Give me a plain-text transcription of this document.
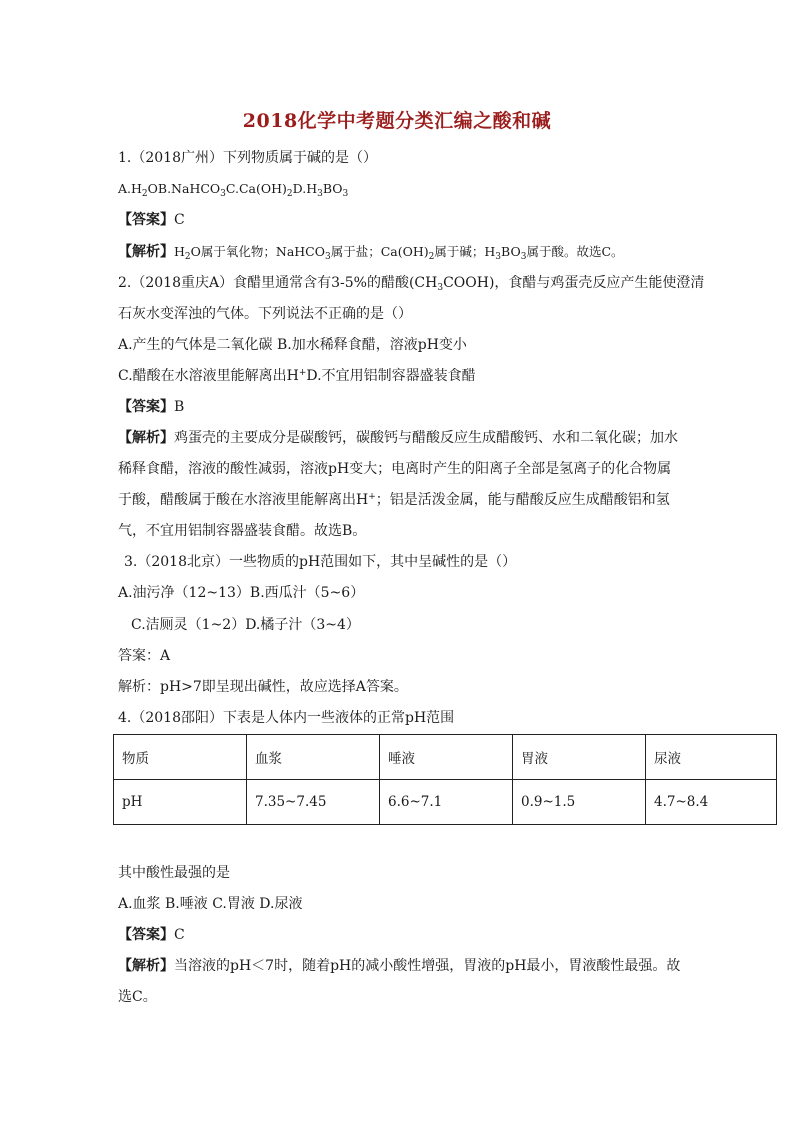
2018化学中考题分类汇编之酸和碱
1.（2018广州）下列物质属于碱的是（）
$A.H_2OB.NaHCO_3C.Ca(OH)_2D.H_3BO_3$
【答案】C
【解析】$H_2O$属于氧化物；NaHCO$_3$属于盐；$Ca(OH)_2$属于碱；$H_3BO_3$属于酸。故选C。
2.（2018重庆A）食醋里通常含有3-5%的醋酸$(CH_3COOH)$，食醋与鸡蛋壳反应产生能使澄清
石灰水变浑浊的气体。下列说法不正确的是（）
A.产生的气体是二氧化碳 B.加水稀释食醋，溶液pH变小
C.醋酸在水溶液里能解离出H+D.不宜用铝制容器盛装食醋
【答案】B
【解析】鸡蛋壳的主要成分是碳酸钙，碳酸钙与醋酸反应生成醋酸钙、水和二氧化碳；加水
稀释食醋，溶液的酸性减弱，溶液pH变大；电离时产生的阳离子全部是氢离子的化合物属
于酸，醋酸属于酸在水溶液里能解离出H+；铝是活泼金属，能与醋酸反应生成醋酸铝和氢
气，不宜用铝制容器盛装食醋。故选B。
3.（2018北京）一些物质的pH范围如下，其中呈碱性的是（）
A.油污净（12~13）B.西瓜汁（5~6）
C.洁厕灵（1~2）D.橘子汁（3~4）
答案：A
解析：pH>7即呈现出碱性，故应选择A答案。
4.（2018邵阳）下表是人体内一些液体的正常pH范围
物质	血浆	唾液	胃液	尿液
pH	7.35~7.45	6.6~7.1	0.9~1.5	4.7~8.4
其中酸性最强的是
A.血浆 B.唾液 C.胃液 D.尿液
【答案】C
【解析】当溶液的pH＜7时，随着pH的减小酸性增强，胃液的pH最小，胃液酸性最强。故
选C。
